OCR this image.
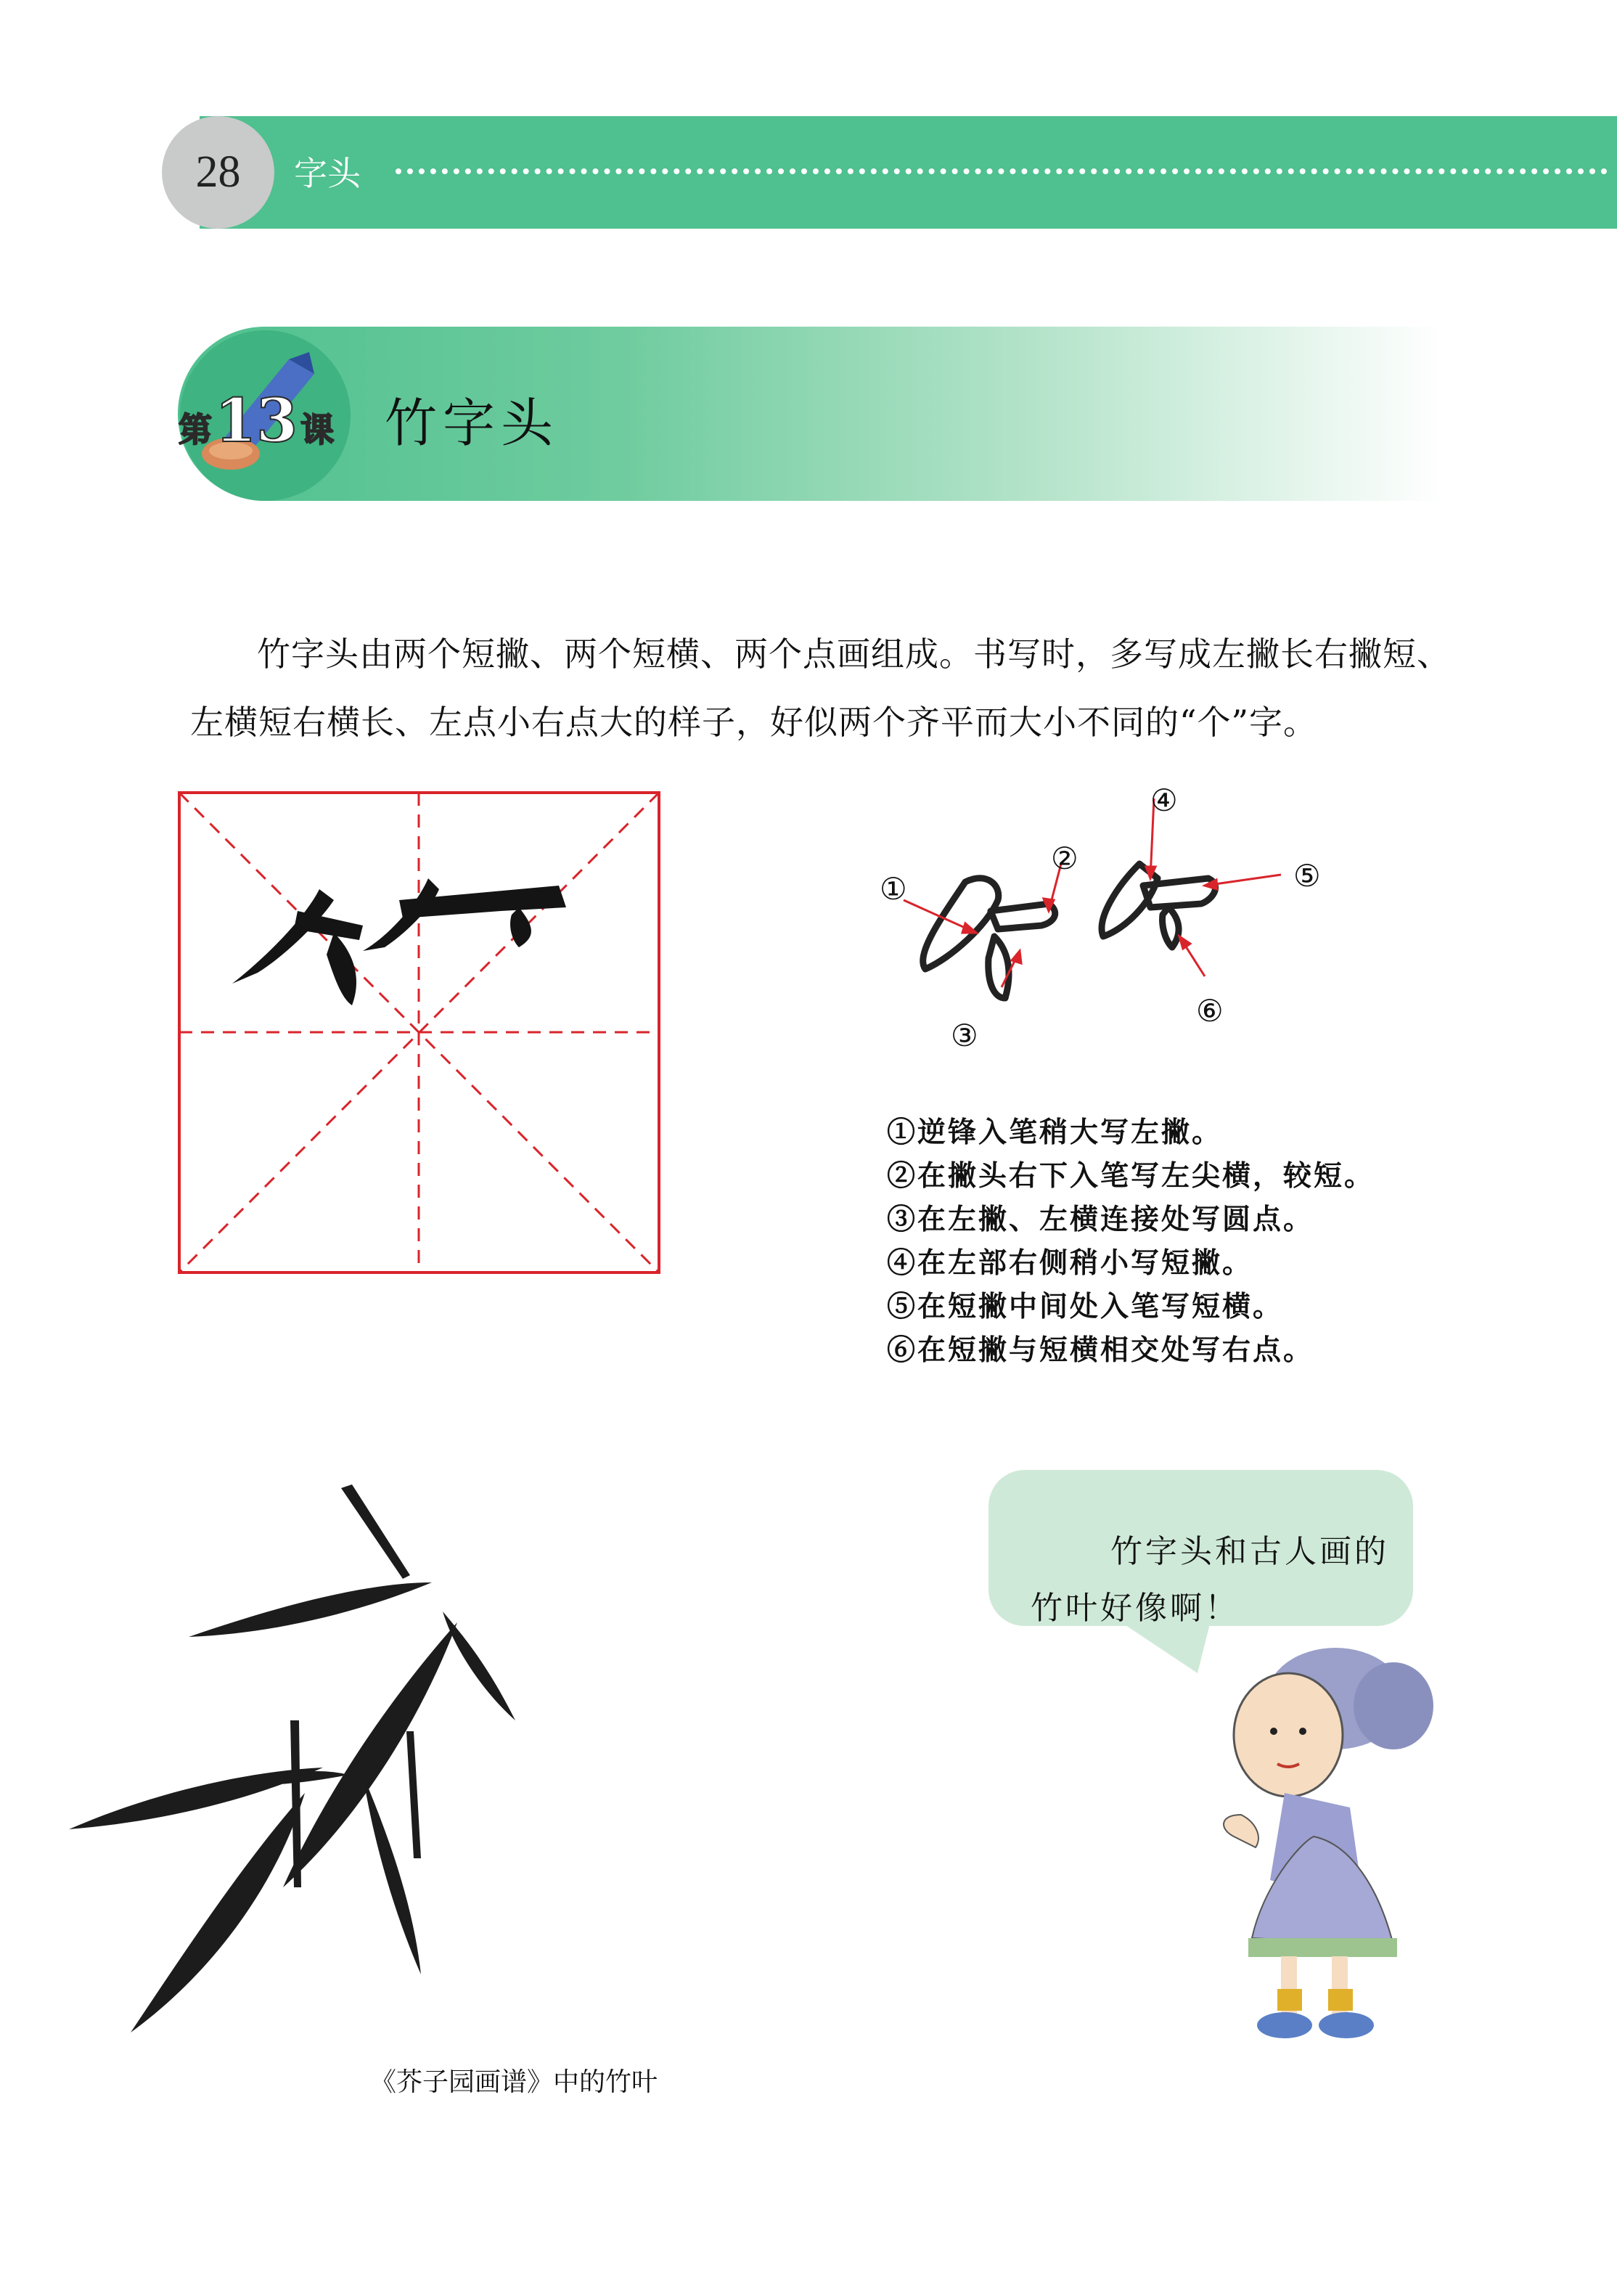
28	字头
第 13 课 竹字头

竹字头由两个短撇、两个短横、两个点画组成。书写时，多写成左撇长右撇短、左横短右横长、左点小右点大的样子，好似两个齐平而大小不同的“个”字。

①
②
③
④
⑤
⑥
①逆锋入笔稍大写左撇。
②在撇头右下入笔写左尖横，较短。
③在左撇、左横连接处写圆点。
④在左部右侧稍小写短撇。
⑤在短撇中间处入笔写短横。
⑥在短撇与短横相交处写右点。
《芥子园画谱》中的竹叶

竹字头和古人画的竹叶好像啊！
